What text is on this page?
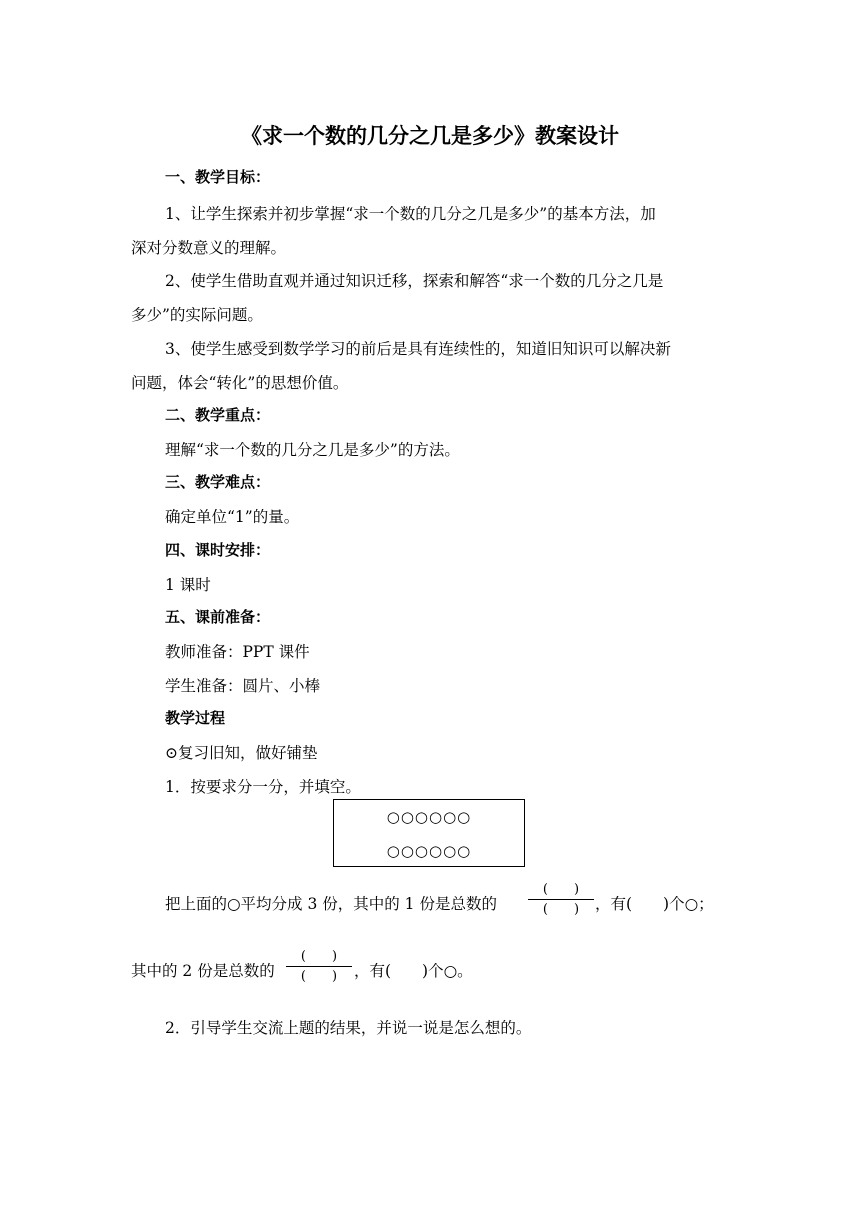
《求一个数的几分之几是多少》教案设计
一、教学目标：
1、让学生探索并初步掌握“求一个数的几分之几是多少”的基本方法，加
深对分数意义的理解。
2、使学生借助直观并通过知识迁移，探索和解答“求一个数的几分之几是
多少”的实际问题。
3、使学生感受到数学学习的前后是具有连续性的，知道旧知识可以解决新
问题，体会“转化”的思想价值。
二、教学重点：
理解“求一个数的几分之几是多少”的方法。
三、教学难点：
确定单位“1”的量。
四、课时安排：
1 课时
五、课前准备：
教师准备：PPT 课件
学生准备：圆片、小棒
教学过程
⊙复习旧知，做好铺垫
1．按要求分一分，并填空。
○○○○○○
○○○○○○
把上面的○平均分成 3 份，其中的 1 份是总数的
(　　)
(　　)	，有(　　)个○；
其中的 2 份是总数的
(　　)
(　　)	，有(　　)个○。
2．引导学生交流上题的结果，并说一说是怎么想的。
